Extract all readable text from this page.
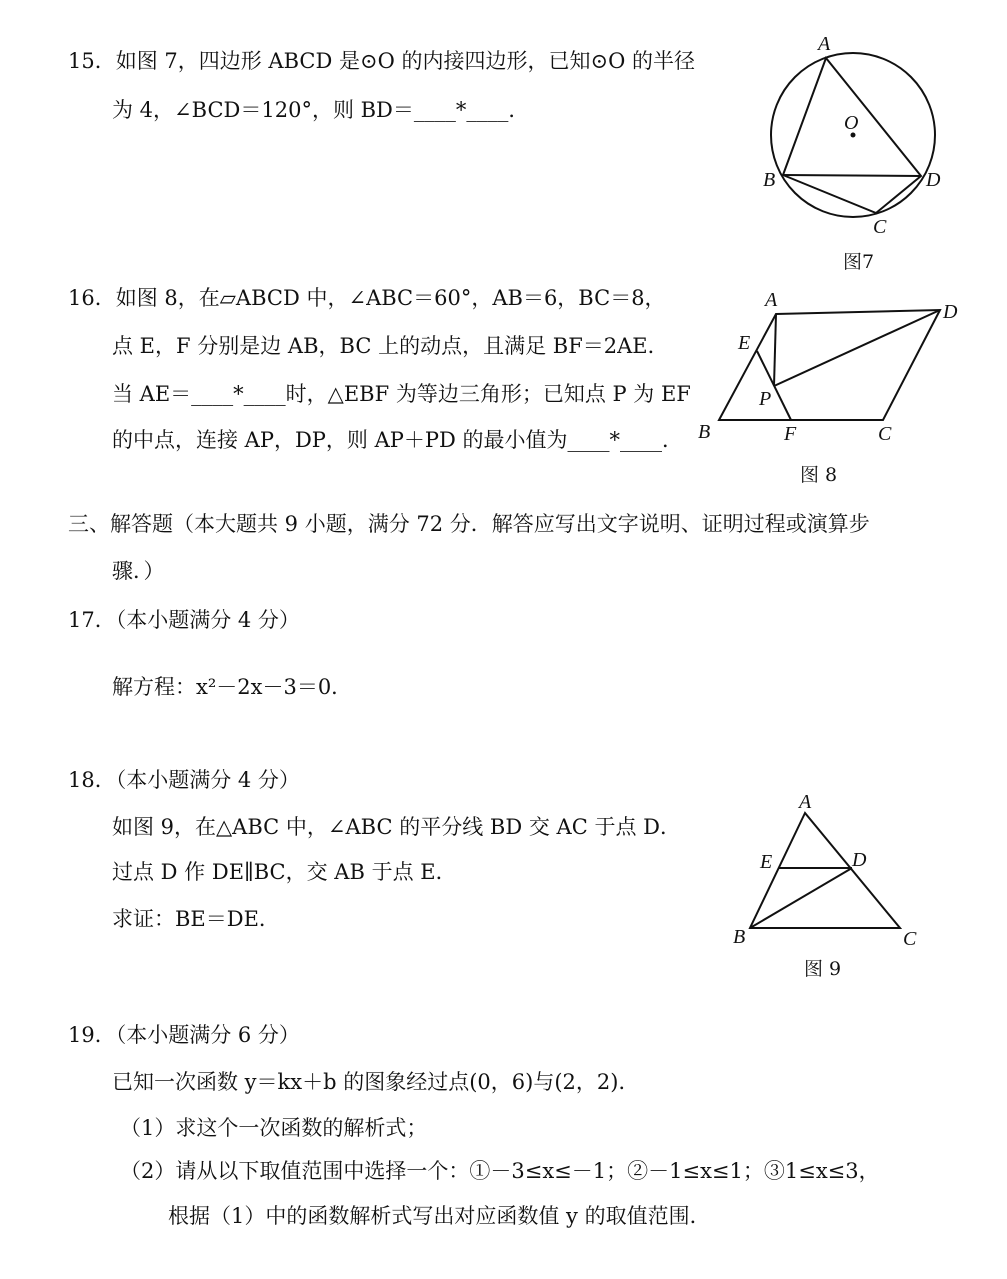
15．如图 7，四边形 ABCD 是⊙O 的内接四边形，已知⊙O 的半径
为 4，∠BCD＝120°，则 BD＝____*____．
A
B
C
D
O
图7
16．如图 8，在▱ABCD 中，∠ABC＝60°，AB＝6，BC＝8，
点 E，F 分别是边 AB，BC 上的动点，且满足 BF＝2AE．
当 AE＝____*____时，△EBF 为等边三角形；已知点 P 为 EF
的中点，连接 AP，DP，则 AP＋PD 的最小值为____*____．
A
B	C
D
E
F
P
图 8
三、解答题（本大题共 9 小题，满分 72 分．解答应写出文字说明、证明过程或演算步
骤．）
17．（本小题满分 4 分）
解方程：x²－2x－3＝0．
18．（本小题满分 4 分）
如图 9，在△ABC 中，∠ABC 的平分线 BD 交 AC 于点 D．
过点 D 作 DE∥BC，交 AB 于点 E．
求证：BE＝DE．
A
B	C
D
E
图 9
19．（本小题满分 6 分）
已知一次函数 y＝kx＋b 的图象经过点(0，6)与(2，2)．
（1）求这个一次函数的解析式；
（2）请从以下取值范围中选择一个：①－3≤x≤－1；②－1≤x≤1；③1≤x≤3，
根据（1）中的函数解析式写出对应函数值 y 的取值范围．
